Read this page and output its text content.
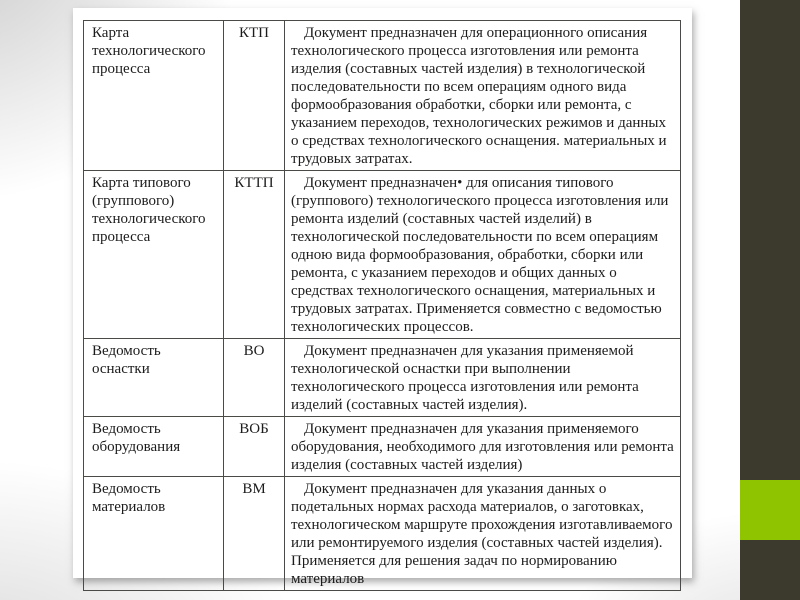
Карта технологического процесса	КТП	Документ предназначен для операционного описания технологического процесса изготовления или ремонта изделия (составных частей изделия) в технологической последовательности по всем операциям одного вида формообразования обработки, сборки или ремонта, с указанием переходов, технологических режимов и данных о средствах технологического оснащения. материальных и трудовых затратах.
Карта типового (группового) технологического процесса	КТТП	Документ предназначен• для описания типового (группового) технологического процесса изготовления или ремонта изделий (составных частей изделий) в технологической последовательности по всем операциям одною вида формообразования, обработки, сборки или ремонта, с указанием переходов и общих данных о средствах технологического оснащения, материальных и трудовых затратах. Применяется совместно с ведомостью технологических процессов.
Ведомость оснастки	ВО	Документ предназначен для указания применяемой технологической оснастки при выполнении технологического процесса изготовления или ремонта изделий (составных частей изделия).
Ведомость оборудования	ВОБ	Документ предназначен для указания применяемого оборудования, необходимого для изготовления или ремонта изделия (составных частей изделия)
Ведомость материалов	ВМ	Документ предназначен для указания данных о подетальных нормах расхода материалов, о заготовках, технологическом маршруте прохождения изготавливаемого или ремонтируемого изделия (составных частей изделия). Применяется для решения задач по нормированию материалов
